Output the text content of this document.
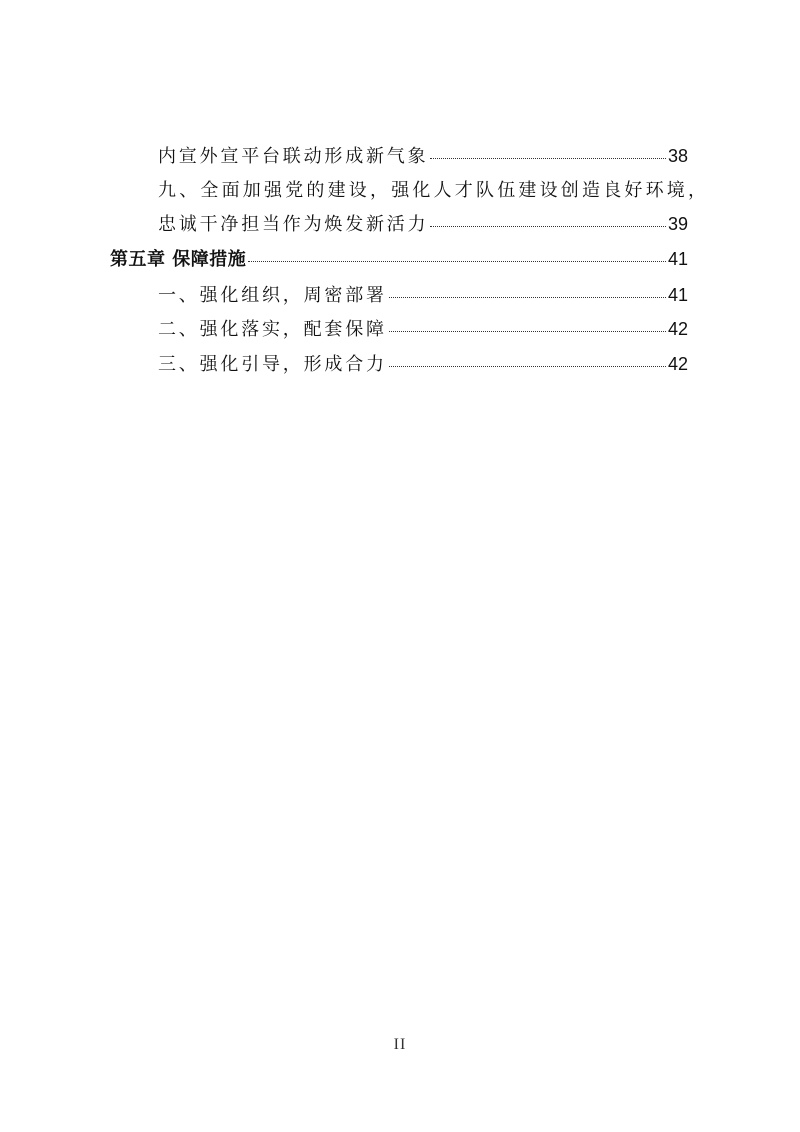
内宣外宣平台联动形成新气象	38
九、全面加强党的建设，强化人才队伍建设创造良好环境，
忠诚干净担当作为焕发新活力	39
第五章 保障措施	41
一、强化组织，周密部署	41
二、强化落实，配套保障	42
三、强化引导，形成合力	42
II
